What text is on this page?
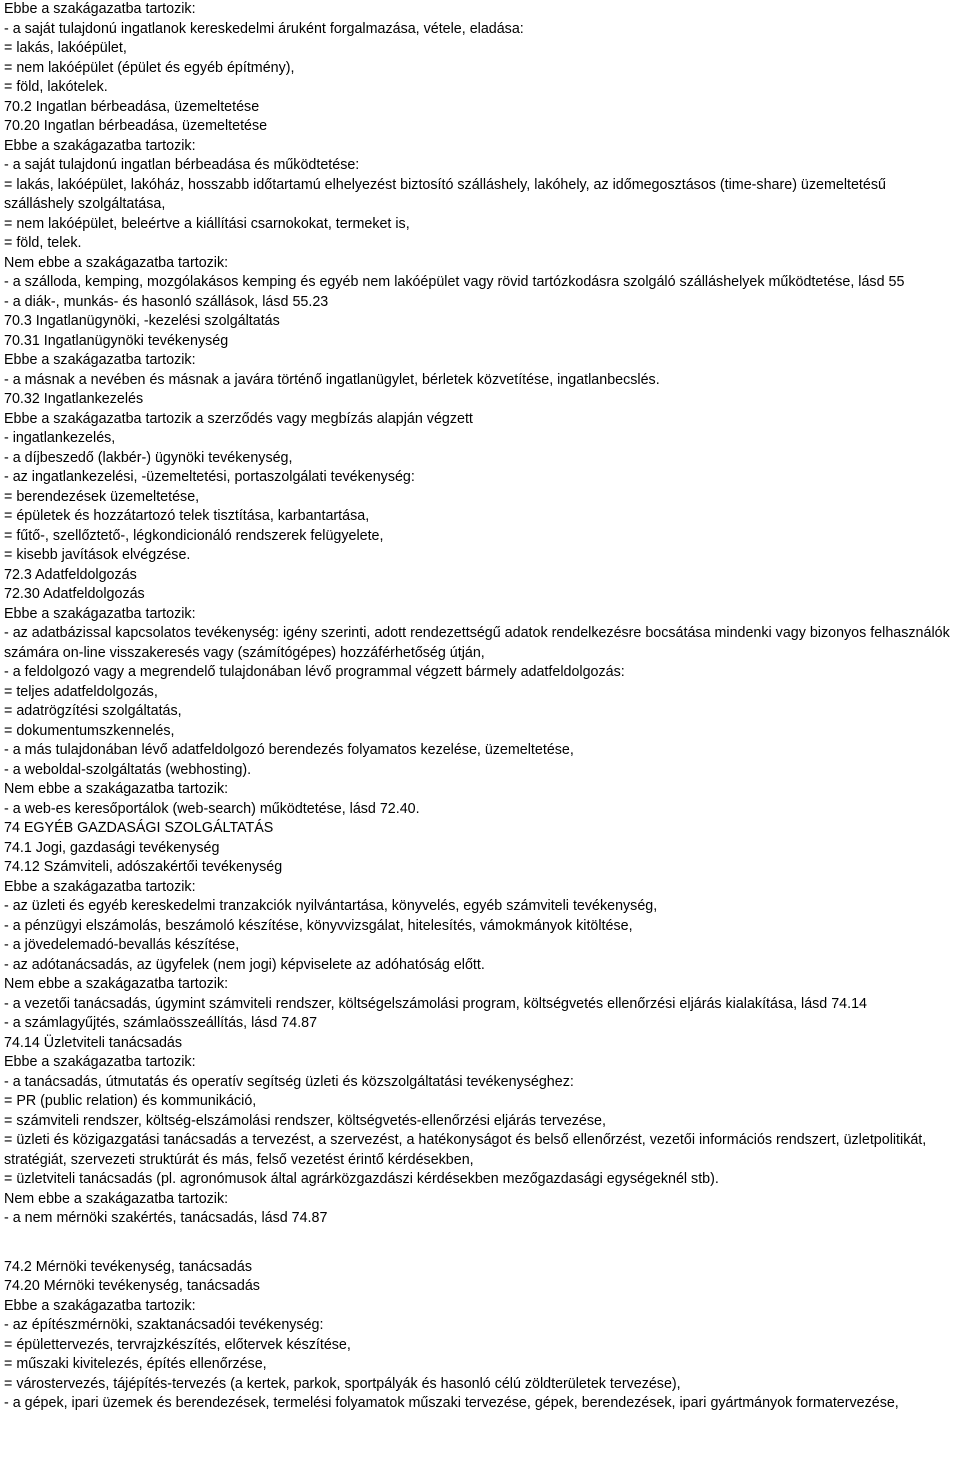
Ebbe a szakágazatba tartozik:
- a saját tulajdonú ingatlanok kereskedelmi áruként forgalmazása, vétele, eladása:
= lakás, lakóépület,
= nem lakóépület (épület és egyéb építmény),
= föld, lakótelek.
70.2 Ingatlan bérbeadása, üzemeltetése
70.20 Ingatlan bérbeadása, üzemeltetése
Ebbe a szakágazatba tartozik:
- a saját tulajdonú ingatlan bérbeadása és működtetése:
= lakás, lakóépület, lakóház, hosszabb időtartamú elhelyezést biztosító szálláshely, lakóhely, az időmegosztásos (time-share) üzemeltetésű szálláshely szolgáltatása,
= nem lakóépület, beleértve a kiállítási csarnokokat, termeket is,
= föld, telek.
Nem ebbe a szakágazatba tartozik:
- a szálloda, kemping, mozgólakásos kemping és egyéb nem lakóépület vagy rövid tartózkodásra szolgáló szálláshelyek működtetése, lásd 55
- a diák-, munkás- és hasonló szállások, lásd 55.23
70.3 Ingatlanügynöki, -kezelési szolgáltatás
70.31 Ingatlanügynöki tevékenység
Ebbe a szakágazatba tartozik:
- a másnak a nevében és másnak a javára történő ingatlanügylet, bérletek közvetítése, ingatlanbecslés.
70.32 Ingatlankezelés
Ebbe a szakágazatba tartozik a szerződés vagy megbízás alapján végzett
- ingatlankezelés,
- a díjbeszedő (lakbér-) ügynöki tevékenység,
- az ingatlankezelési, -üzemeltetési, portaszolgálati tevékenység:
= berendezések üzemeltetése,
= épületek és hozzátartozó telek tisztítása, karbantartása,
= fűtő-, szellőztető-, légkondicionáló rendszerek felügyelete,
= kisebb javítások elvégzése.
72.3 Adatfeldolgozás
72.30 Adatfeldolgozás
Ebbe a szakágazatba tartozik:
- az adatbázissal kapcsolatos tevékenység: igény szerinti, adott rendezettségű adatok rendelkezésre bocsátása mindenki vagy bizonyos felhasználók számára on-line visszakeresés vagy (számítógépes) hozzáférhetőség útján,
- a feldolgozó vagy a megrendelő tulajdonában lévő programmal végzett bármely adatfeldolgozás:
= teljes adatfeldolgozás,
= adatrögzítési szolgáltatás,
= dokumentumszkennelés,
- a más tulajdonában lévő adatfeldolgozó berendezés folyamatos kezelése, üzemeltetése,
- a weboldal-szolgáltatás (webhosting).
Nem ebbe a szakágazatba tartozik:
- a web-es keresőportálok (web-search) működtetése, lásd 72.40.
74 EGYÉB GAZDASÁGI SZOLGÁLTATÁS
74.1 Jogi, gazdasági tevékenység
74.12 Számviteli, adószakértői tevékenység
Ebbe a szakágazatba tartozik:
- az üzleti és egyéb kereskedelmi tranzakciók nyilvántartása, könyvelés, egyéb számviteli tevékenység,
- a pénzügyi elszámolás, beszámoló készítése, könyvvizsgálat, hitelesítés, vámokmányok kitöltése,
- a jövedelemadó-bevallás készítése,
- az adótanácsadás, az ügyfelek (nem jogi) képviselete az adóhatóság előtt.
Nem ebbe a szakágazatba tartozik:
- a vezetői tanácsadás, úgymint számviteli rendszer, költségelszámolási program, költségvetés ellenőrzési eljárás kialakítása, lásd 74.14
- a számlagyűjtés, számlaösszeállítás, lásd 74.87
74.14 Üzletviteli tanácsadás
Ebbe a szakágazatba tartozik:
- a tanácsadás, útmutatás és operatív segítség üzleti és közszolgáltatási tevékenységhez:
= PR (public relation) és kommunikáció,
= számviteli rendszer, költség-elszámolási rendszer, költségvetés-ellenőrzési eljárás tervezése,
= üzleti és közigazgatási tanácsadás a tervezést, a szervezést, a hatékonyságot és belső ellenőrzést, vezetői információs rendszert, üzletpolitikát, stratégiát, szervezeti struktúrát és más, felső vezetést érintő kérdésekben,
= üzletviteli tanácsadás (pl. agronómusok által agrárközgazdászi kérdésekben mezőgazdasági egységeknél stb).
Nem ebbe a szakágazatba tartozik:
- a nem mérnöki szakértés, tanácsadás, lásd 74.87
74.2 Mérnöki tevékenység, tanácsadás
74.20 Mérnöki tevékenység, tanácsadás
Ebbe a szakágazatba tartozik:
- az építészmérnöki, szaktanácsadói tevékenység:
= épülettervezés, tervrajzkészítés, előtervek készítése,
= műszaki kivitelezés, építés ellenőrzése,
= várostervezés, tájépítés-tervezés (a kertek, parkok, sportpályák és hasonló célú zöldterületek tervezése),
- a gépek, ipari üzemek és berendezések, termelési folyamatok műszaki tervezése, gépek, berendezések, ipari gyártmányok formatervezése,
